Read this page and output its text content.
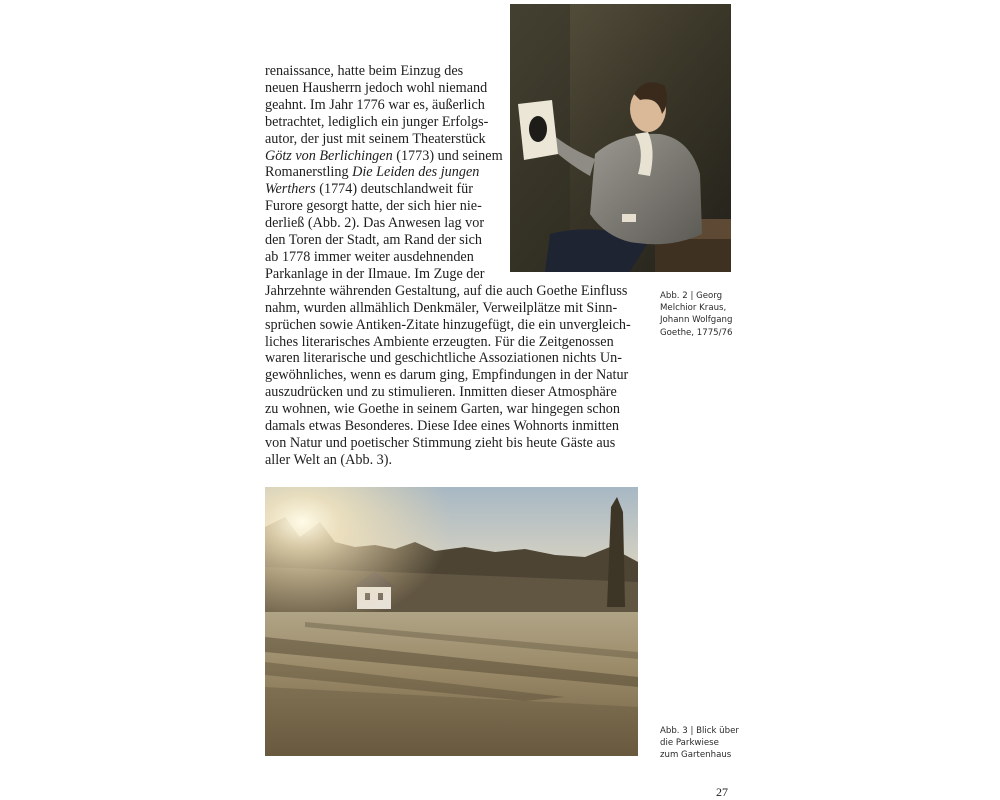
renaissance, hatte beim Einzug des
neuen Hausherrn jedoch wohl niemand
geahnt. Im Jahr 1776 war es, äußerlich
betrachtet, lediglich ein junger Erfolgs-
autor, der just mit seinem Theaterstück
Götz von Berlichingen (1773) und seinem
Romanerstling Die Leiden des jungen
Werthers (1774) deutschlandweit für
Furore gesorgt hatte, der sich hier nie-
derließ (Abb. 2). Das Anwesen lag vor
den Toren der Stadt, am Rand der sich
ab 1778 immer weiter ausdehnenden
Parkanlage in der Ilmaue. Im Zuge der
Jahrzehnte währenden Gestaltung, auf die auch Goethe Einfluss
nahm, wurden allmählich Denkmäler, Verweilplätze mit Sinn-
sprüchen sowie Antiken-Zitate hinzugefügt, die ein unvergleich-
liches literarisches Ambiente erzeugten. Für die Zeitgenossen
waren literarische und geschichtliche Assoziationen nichts Un-
gewöhnliches, wenn es darum ging, Empfindungen in der Natur
auszudrücken und zu stimulieren. Inmitten dieser Atmosphäre
zu wohnen, wie Goethe in seinem Garten, war hingegen schon
damals etwas Besonderes. Diese Idee eines Wohnorts inmitten
von Natur und poetischer Stimmung zieht bis heute Gäste aus
aller Welt an (Abb. 3).
Abb. 2 | Georg
Melchior Kraus,
Johann Wolfgang
Goethe, 1775/76
Abb. 3 | Blick über
die Parkwiese
zum Gartenhaus
27
